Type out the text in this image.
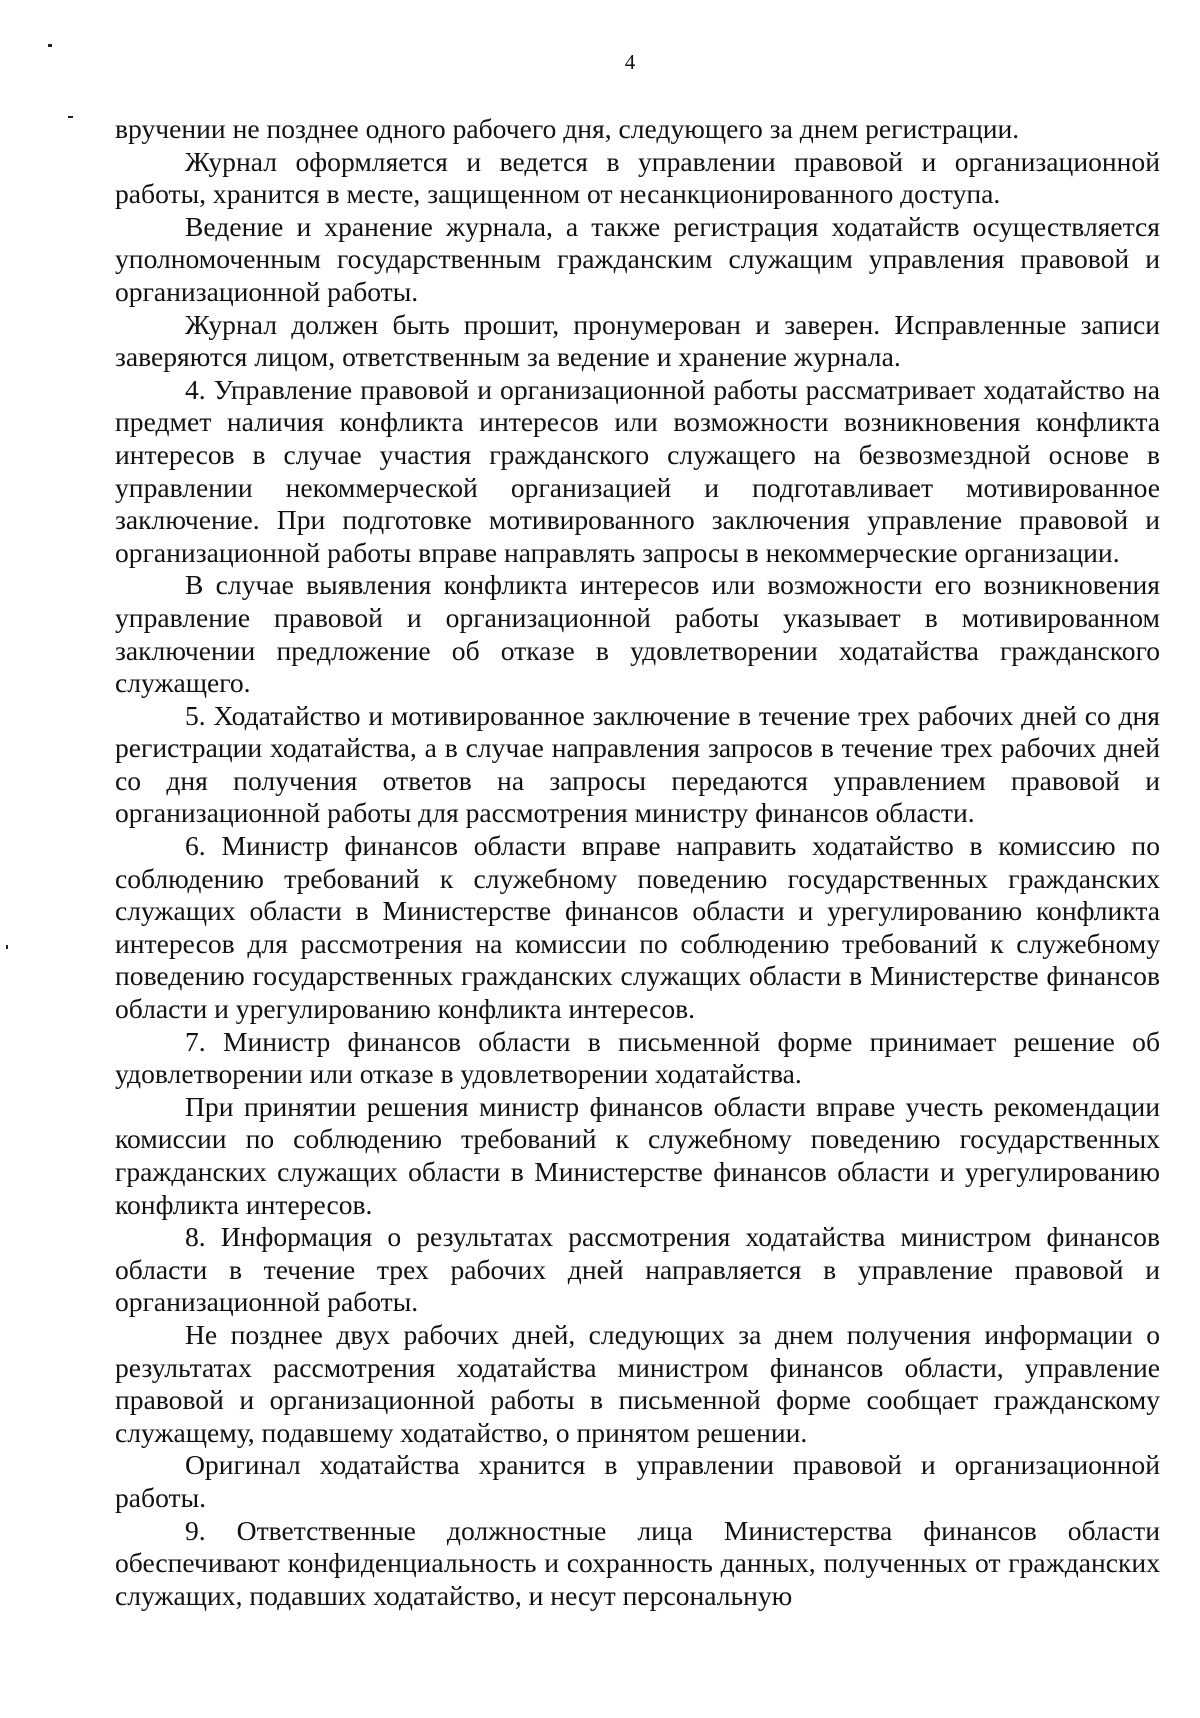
4

вручении не позднее одного рабочего дня, следующего за днем регистрации.

Журнал оформляется и ведется в управлении правовой и организационной работы, хранится в месте, защищенном от несанкционированного доступа.

Ведение и хранение журнала, а также регистрация ходатайств осуществляется уполномоченным государственным гражданским служащим управления правовой и организационной работы.

Журнал должен быть прошит, пронумерован и заверен. Исправленные записи заверяются лицом, ответственным за ведение и хранение журнала.

4. Управление правовой и организационной работы рассматривает ходатайство на предмет наличия конфликта интересов или возможности возникновения конфликта интересов в случае участия гражданского служащего на безвозмездной основе в управлении некоммерческой организацией и подготавливает мотивированное заключение. При подготовке мотивированного заключения управление правовой и организационной работы вправе направлять запросы в некоммерческие организации.

В случае выявления конфликта интересов или возможности его возникновения управление правовой и организационной работы указывает в мотивированном заключении предложение об отказе в удовлетворении ходатайства гражданского служащего.

5. Ходатайство и мотивированное заключение в течение трех рабочих дней со дня регистрации ходатайства, а в случае направления запросов в течение трех рабочих дней со дня получения ответов на запросы передаются управлением правовой и организационной работы для рассмотрения министру финансов области.

6. Министр финансов области вправе направить ходатайство в комиссию по соблюдению требований к служебному поведению государственных гражданских служащих области в Министерстве финансов области и урегулированию конфликта интересов для рассмотрения на комиссии по соблюдению требований к служебному поведению государственных гражданских служащих области в Министерстве финансов области и урегулированию конфликта интересов.

7. Министр финансов области в письменной форме принимает решение об удовлетворении или отказе в удовлетворении ходатайства.

При принятии решения министр финансов области вправе учесть рекомендации комиссии по соблюдению требований к служебному поведению государственных гражданских служащих области в Министерстве финансов области и урегулированию конфликта интересов.

8. Информация о результатах рассмотрения ходатайства министром финансов области в течение трех рабочих дней направляется в управление правовой и организационной работы.

Не позднее двух рабочих дней, следующих за днем получения информации о результатах рассмотрения ходатайства министром финансов области, управление правовой и организационной работы в письменной форме сообщает гражданскому служащему, подавшему ходатайство, о принятом решении.

Оригинал ходатайства хранится в управлении правовой и организационной работы.

9. Ответственные должностные лица Министерства финансов области обеспечивают конфиденциальность и сохранность данных, полученных от гражданских служащих, подавших ходатайство, и несут персональную
